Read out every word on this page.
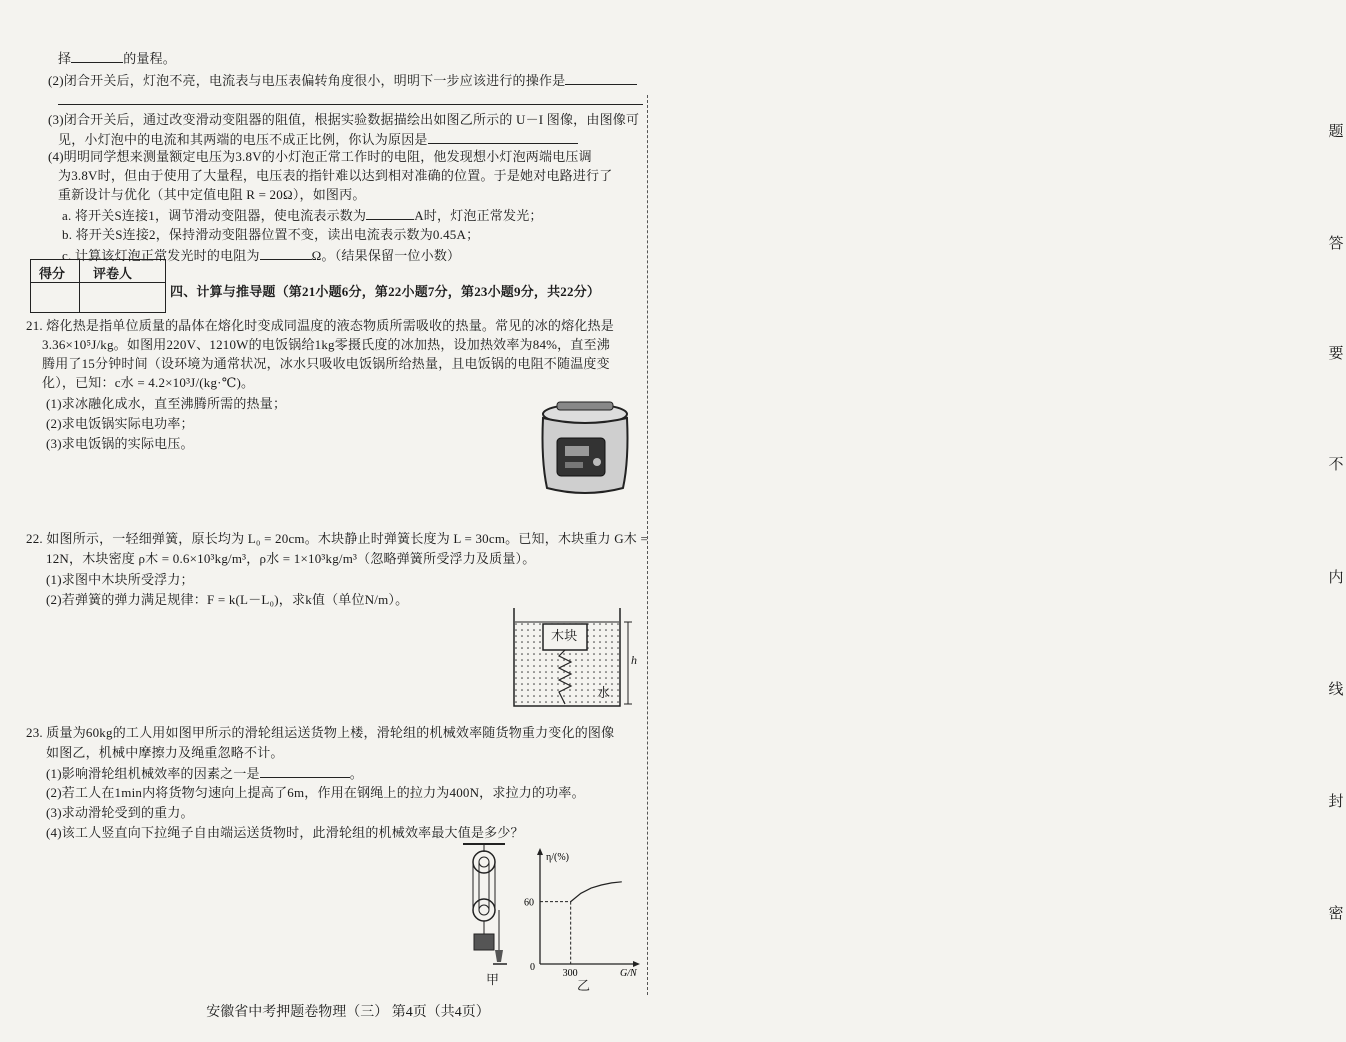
择	的量程。
(2)闭合开关后，灯泡不亮，电流表与电压表偏转角度很小，明明下一步应该进行的操作是
(3)闭合开关后，通过改变滑动变阻器的阻值，根据实验数据描绘出如图乙所示的 U－I 图像，由图像可
见，小灯泡中的电流和其两端的电压不成正比例，你认为原因是
(4)明明同学想来测量额定电压为3.8V的小灯泡正常工作时的电阻，他发现想小灯泡两端电压调
为3.8V时，但由于使用了大量程，电压表的指针难以达到相对准确的位置。于是她对电路进行了
重新设计与优化（其中定值电阻 R = 20Ω），如图丙。
a. 将开关S连接1，调节滑动变阻器，使电流表示数为	A时，灯泡正常发光；
b. 将开关S连接2，保持滑动变阻器位置不变，读出电流表示数为0.45A；
c. 计算该灯泡正常发光时的电阻为	Ω。（结果保留一位小数）
得分 评卷人
四、计算与推导题（第21小题6分，第22小题7分，第23小题9分，共22分）
21. 熔化热是指单位质量的晶体在熔化时变成同温度的液态物质所需吸收的热量。常见的冰的熔化热是
3.36×10⁵J/kg。如图用220V、1210W的电饭锅给1kg零摄氏度的冰加热，设加热效率为84%，直至沸
腾用了15分钟时间（设环境为通常状况，冰水只吸收电饭锅所给热量，且电饭锅的电阻不随温度变
化），已知：c水 = 4.2×10³J/(kg·℃)。
(1)求冰融化成水，直至沸腾所需的热量；
(2)求电饭锅实际电功率；
(3)求电饭锅的实际电压。
22. 如图所示，一轻细弹簧，原长均为 L₀ = 20cm。木块静止时弹簧长度为 L = 30cm。已知，木块重力 G木 =
12N，木块密度 ρ木 = 0.6×10³kg/m³，ρ水 = 1×10³kg/m³（忽略弹簧所受浮力及质量）。
(1)求图中木块所受浮力；
(2)若弹簧的弹力满足规律：F = k(L－L₀)，求k值（单位N/m）。
木块
水
h
23. 质量为60kg的工人用如图甲所示的滑轮组运送货物上楼，滑轮组的机械效率随货物重力变化的图像
如图乙，机械中摩擦力及绳重忽略不计。
(1)影响滑轮组机械效率的因素之一是	。
(2)若工人在1min内将货物匀速向上提高了6m，作用在钢绳上的拉力为400N，求拉力的功率。
(3)求动滑轮受到的重力。
(4)该工人竖直向下拉绳子自由端运送货物时，此滑轮组的机械效率最大值是多少？
甲
η/(%)
G/N
0
60
300
乙
题
答
要
不
内
线
封
密
安徽省中考押题卷物理（三） 第4页（共4页）
